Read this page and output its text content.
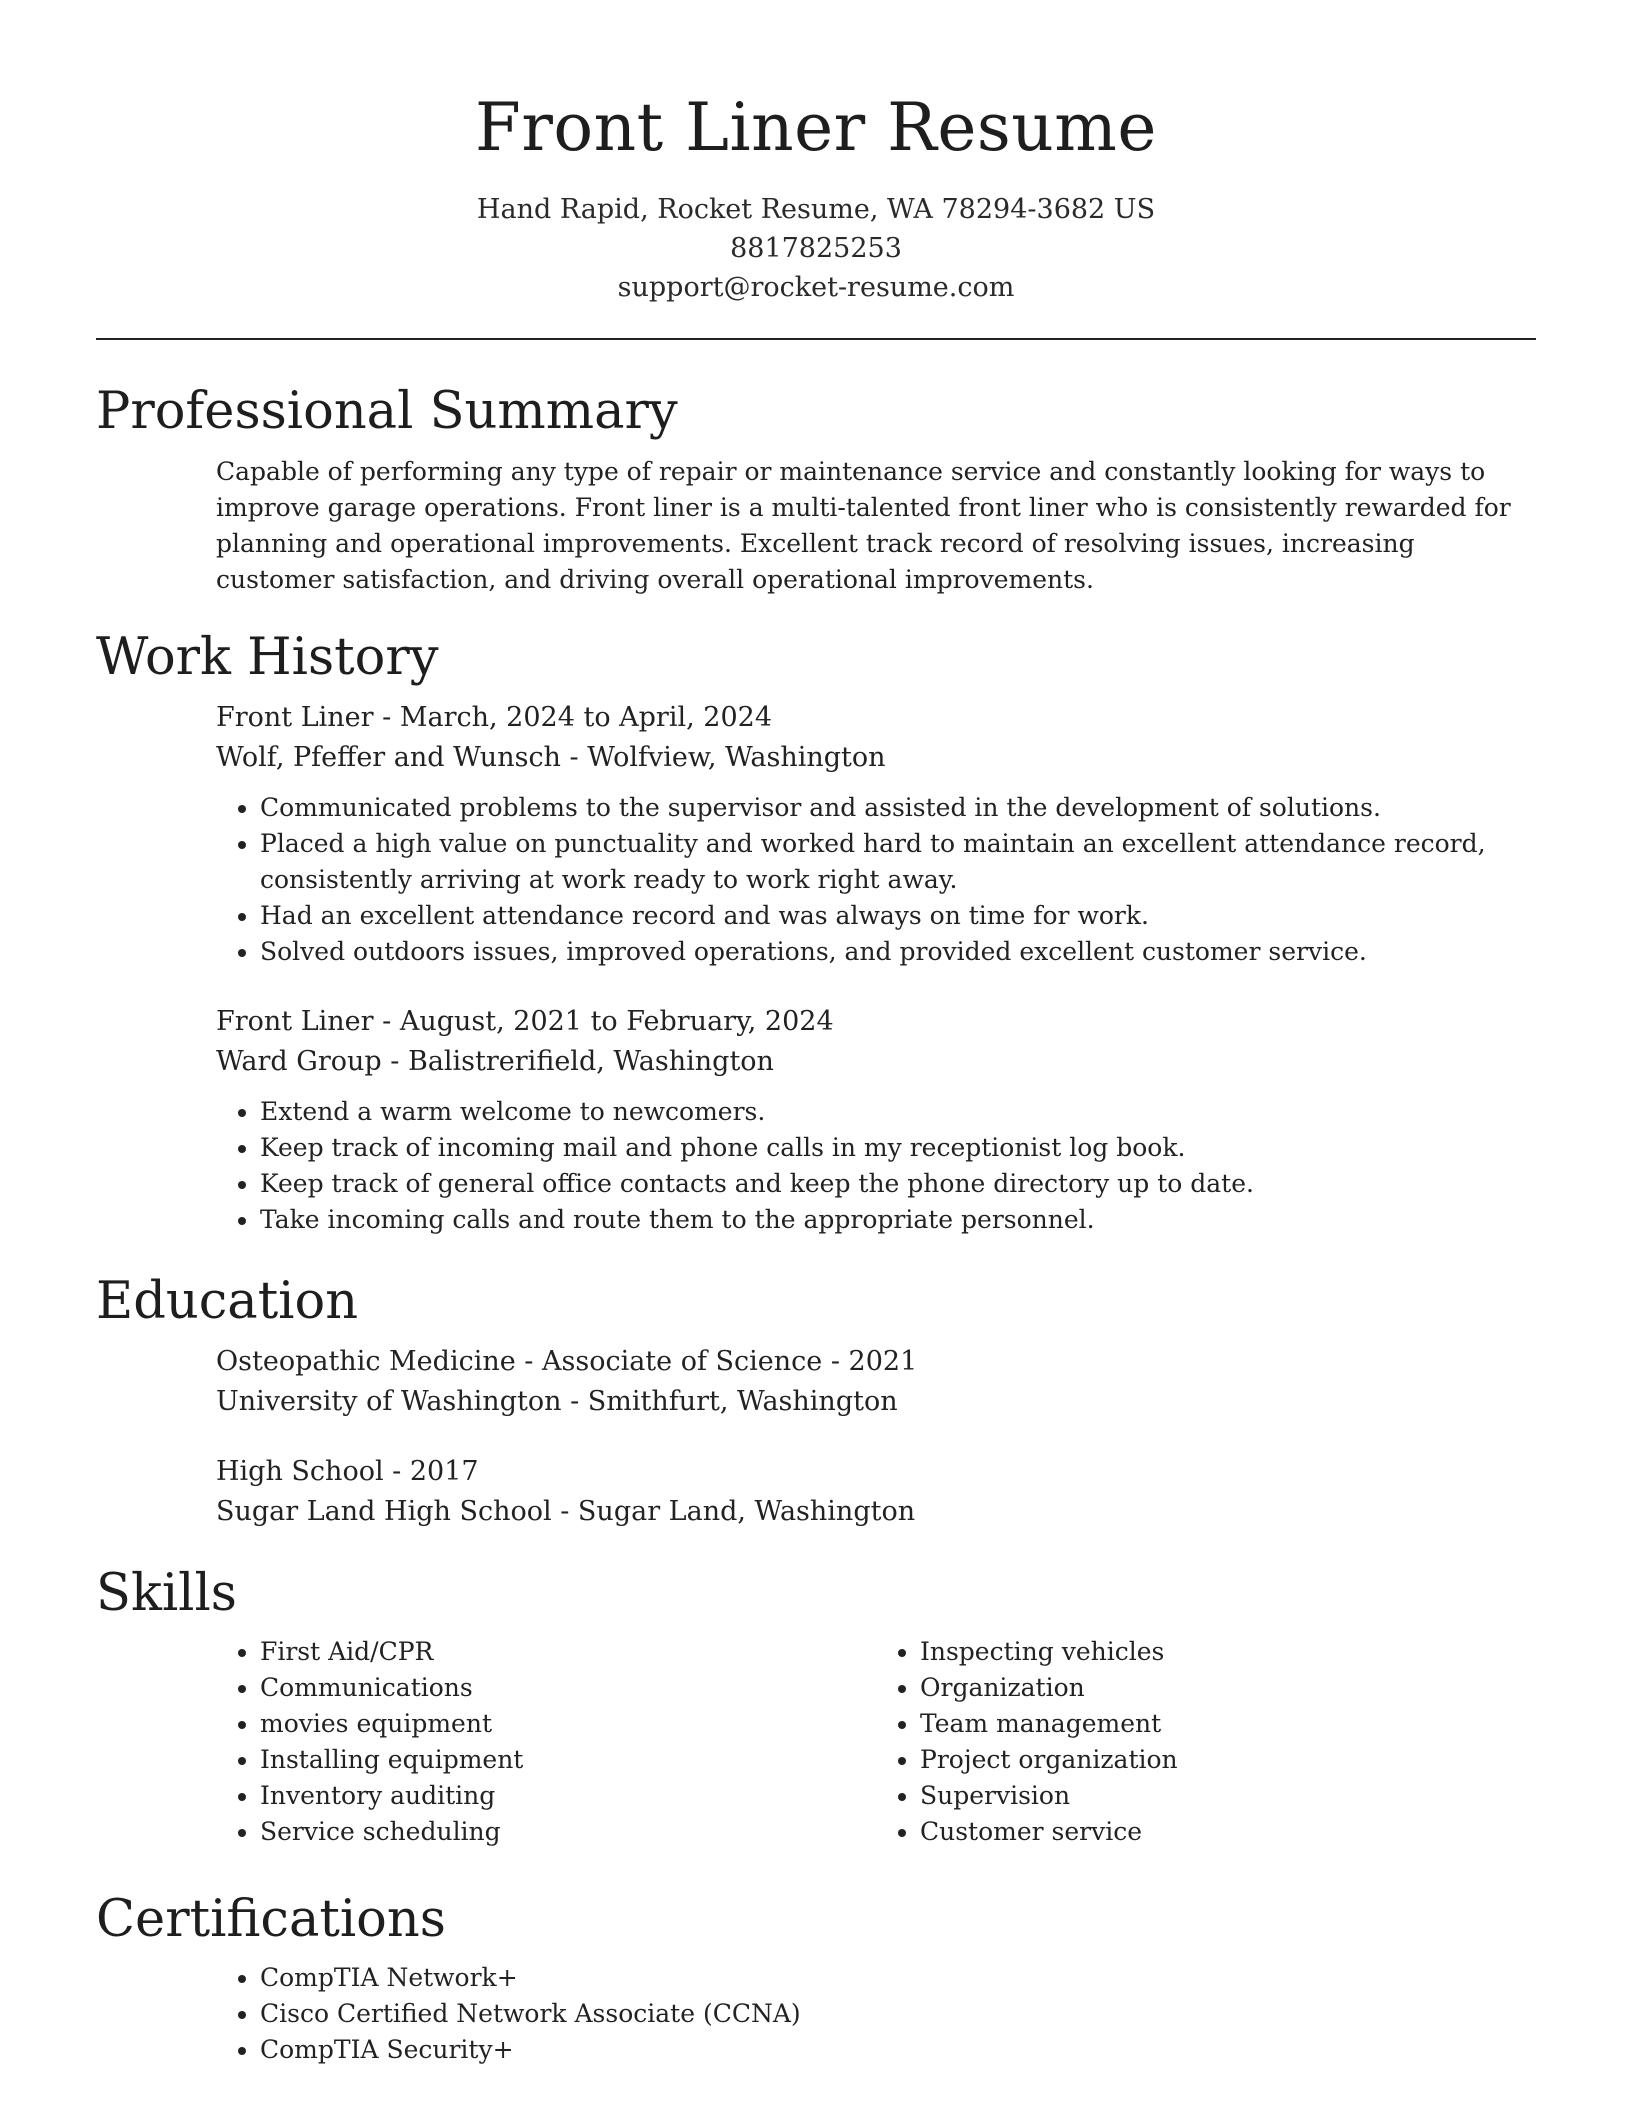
Front Liner Resume
Hand Rapid, Rocket Resume, WA 78294-3682 US
8817825253
support@rocket-resume.com
Professional Summary

Capable of performing any type of repair or maintenance service and constantly looking for ways to improve garage operations. Front liner is a multi-talented front liner who is consistently rewarded for planning and operational improvements. Excellent track record of resolving issues, increasing customer satisfaction, and driving overall operational improvements.

Work History
Front Liner - March, 2024 to April, 2024
Wolf, Pfeffer and Wunsch - Wolfview, Washington
• Communicated problems to the supervisor and assisted in the development of solutions.
• Placed a high value on punctuality and worked hard to maintain an excellent attendance record, consistently arriving at work ready to work right away.
• Had an excellent attendance record and was always on time for work.
• Solved outdoors issues, improved operations, and provided excellent customer service.
Front Liner - August, 2021 to February, 2024
Ward Group - Balistrerifield, Washington
• Extend a warm welcome to newcomers.
• Keep track of incoming mail and phone calls in my receptionist log book.
• Keep track of general office contacts and keep the phone directory up to date.
• Take incoming calls and route them to the appropriate personnel.
Education
Osteopathic Medicine - Associate of Science - 2021
University of Washington - Smithfurt, Washington
High School - 2017
Sugar Land High School - Sugar Land, Washington
Skills
• First Aid/CPR
• Communications
• movies equipment
• Installing equipment
• Inventory auditing
• Service scheduling
• Inspecting vehicles
• Organization
• Team management
• Project organization
• Supervision
• Customer service
Certifications
• CompTIA Network+
• Cisco Certified Network Associate (CCNA)
• CompTIA Security+
